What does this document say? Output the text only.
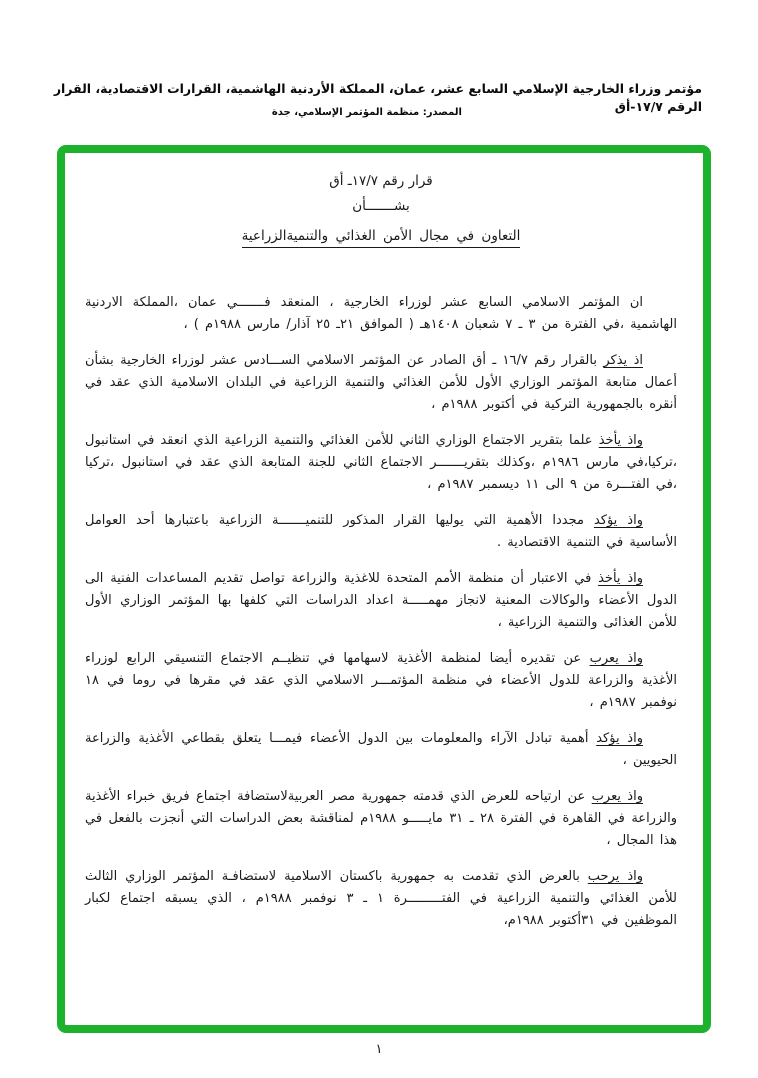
مؤتمر وزراء الخارجية الإسلامي السابع عشر، عمان، المملكة الأردنية الهاشمية، القرارات الاقتصادية، القرار الرقم ١٧/٧-أق
المصدر: منظمة المؤتمر الإسلامي، جدة
قرار رقم ١٧/٧ـ أق
بشـــــــأن
التعاون في مجال الأمن الغذائي والتنميةالزراعية

ان المؤتمر الاسلامي السابع عشر لوزراء الخارجية ، المنعقد فـــــــي عمان ،المملكة الاردنية الهاشمية ،في الفترة من ٣ ـ ٧ شعبان ١٤٠٨هـ ( الموافق ٢١ـ ٢٥ آذار/ مارس ١٩٨٨م ) ،

اذ يذكر بالقرار رقم ١٦/٧ ـ أق الصادر عن المؤتمر الاسلامي الســـادس عشر لوزراء الخارجية بشأن أعمال متابعة المؤتمر الوزاري الأول للأمن الغذائي والتنمية الزراعية في البلدان الاسلامية الذي عقد في أنقره بالجمهورية التركية في أكتوبر ١٩٨٨م ،

واذ يأخذ علما بتقرير الاجتماع الوزاري الثاني للأمن الغذائي والتنمية الزراعية الذي انعقد في استانبول ،تركيا،في مارس ١٩٨٦م ،وكذلك بتقريـــــــر الاجتماع الثاني للجنة المتابعة الذي عقد في استانبول ،تركيا ،في الفتـــرة من ٩ الى ١١ ديسمبر ١٩٨٧م ،

واذ يؤكد مجددا الأهمية التي يوليها القرار المذكور للتنميـــــــة الزراعية باعتبارها أحد العوامل الأساسية في التنمية الاقتصادية .

واذ يأخذ في الاعتبار أن منظمة الأمم المتحدة للاغذية والزراعة تواصل تقديم المساعدات الفنية الى الدول الأعضاء والوكالات المعنية لانجاز مهمـــــة اعداد الدراسات التي كلفها بها المؤتمر الوزاري الأول للأمن الغذائى والتنمية الزراعية ،

واذ يعرب عن تقديره أيضا لمنظمة الأغذية لاسهامها في تنظيــم الاجتماع التنسيقي الرابع لوزراء الأغذية والزراعة للدول الأعضاء في منظمة المؤتمـــر الاسلامي الذي عقد في مقرها في روما في ١٨ نوفمبر ١٩٨٧م ،

واذ يؤكد أهمية تبادل الآراء والمعلومات بين الدول الأعضاء فيمـــا يتعلق بقطاعي الأغذية والزراعة الحيويين ،

واذ يعرب عن ارتياحه للعرض الذي قدمته جمهورية مصر العربيةلاستضافة اجتماع فريق خبراء الأغذية والزراعة في القاهرة في الفترة ٢٨ ـ ٣١ مايـــــو ١٩٨٨م لمناقشة بعض الدراسات التي أنجزت بالفعل في هذا المجال ،

واذ يرحب بالعرض الذي تقدمت به جمهورية باكستان الاسلامية لاستضافـة المؤتمر الوزاري الثالث للأمن الغذائي والتنمية الزراعية في الفتـــــــــرة ١ ـ ٣ نوفمبر ١٩٨٨م ، الذي يسبقه اجتماع لكبار الموظفين في ٣١أكتوبر ١٩٨٨م،

١
